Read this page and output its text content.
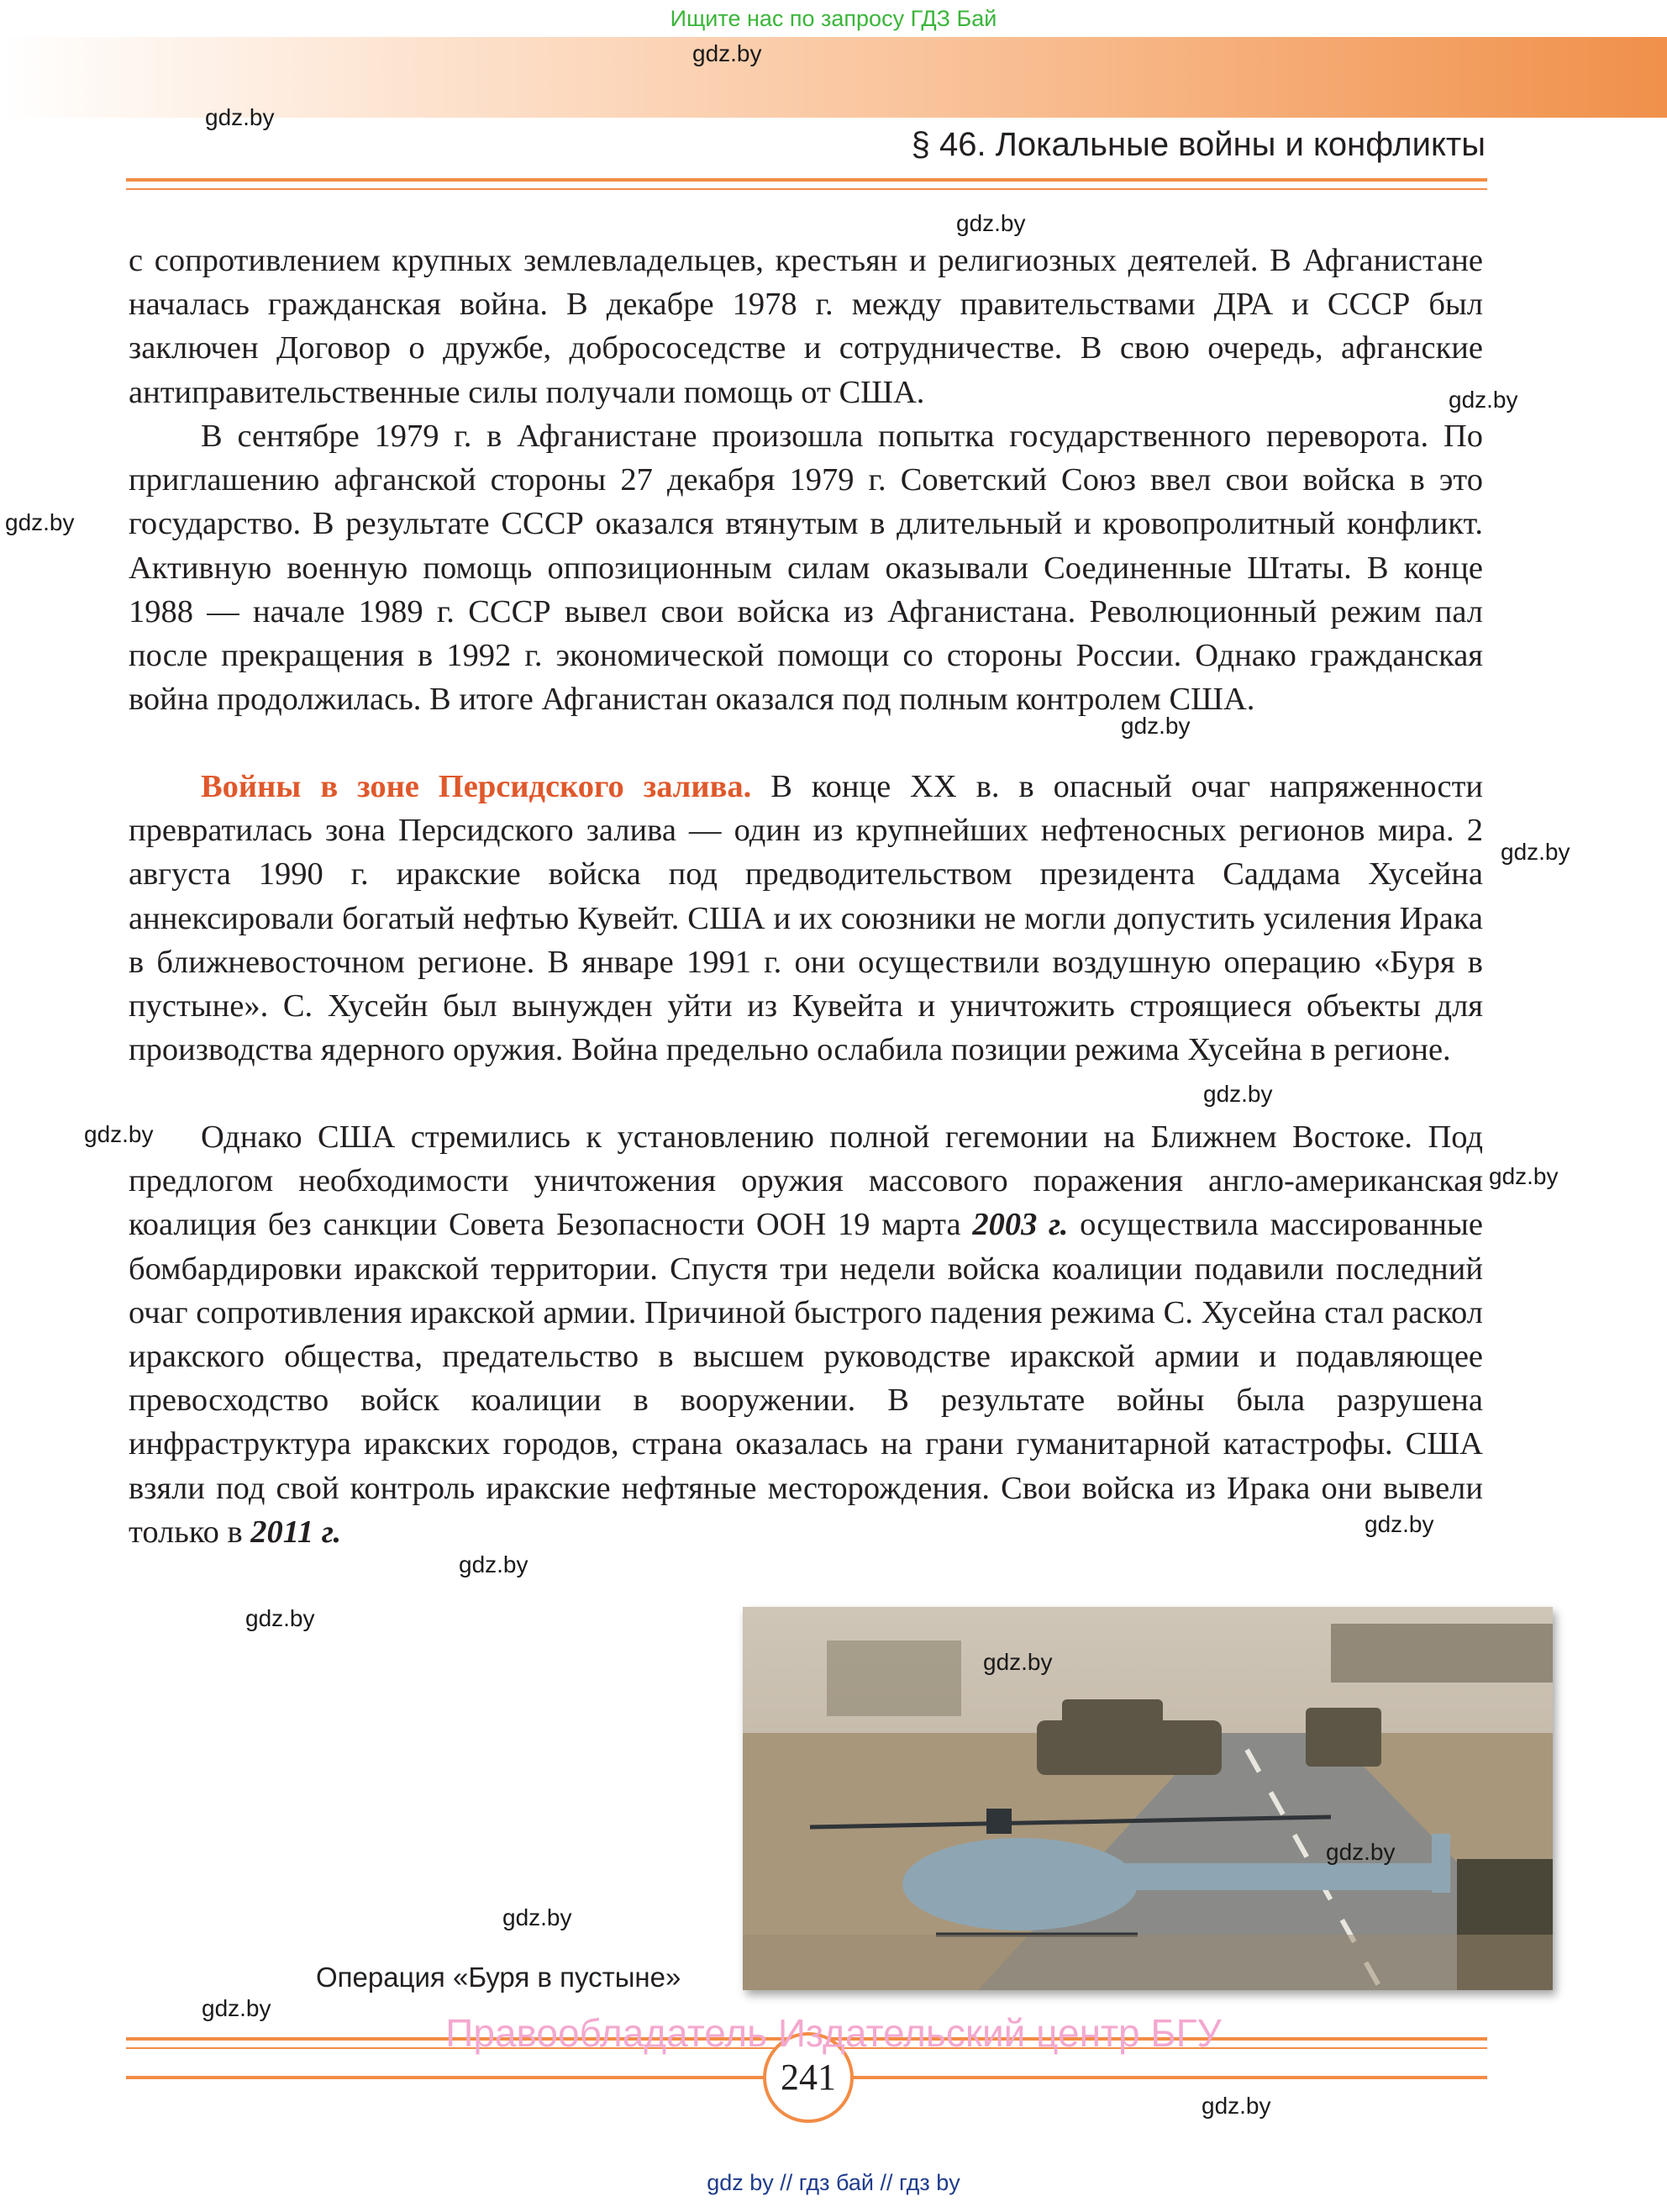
Ищите нас по запросу ГДЗ Бай
§ 46. Локальные войны и конфликты

с сопротивлением крупных землевладельцев, крестьян и религиозных деятелей. В Афганистане началась гражданская война. В декабре 1978 г. между правительствами ДРА и СССР был заключен Договор о дружбе, добрососедстве и сотрудничестве. В свою очередь, афганские антиправительственные силы получали помощь от США.

В сентябре 1979 г. в Афганистане произошла попытка государственного переворота. По приглашению афганской стороны 27 декабря 1979 г. Советский Союз ввел свои войска в это государство. В результате СССР оказался втянутым в длительный и кровопролитный конфликт. Активную военную помощь оппозиционным силам оказывали Соединенные Штаты. В конце 1988 — начале 1989 г. СССР вывел свои войска из Афганистана. Революционный режим пал после прекращения в 1992 г. экономической помощи со стороны России. Однако гражданская война продолжилась. В итоге Афганистан оказался под полным контролем США.

Войны в зоне Персидского залива. В конце ХХ в. в опасный очаг напряженности превратилась зона Персидского залива — один из крупнейших нефтеносных регионов мира. 2 августа 1990 г. иракские войска под предводительством президента Саддама Хусейна аннексировали богатый нефтью Кувейт. США и их союзники не могли допустить усиления Ирака в ближневосточном регионе. В январе 1991 г. они осуществили воздушную операцию «Буря в пустыне». С. Хусейн был вынужден уйти из Кувейта и уничтожить строящиеся объекты для производства ядерного оружия. Война предельно ослабила позиции режима Хусейна в регионе.

Однако США стремились к установлению полной гегемонии на Ближнем Востоке. Под предлогом необходимости уничтожения оружия массового поражения англо-американская коалиция без санкции Совета Безопасности ООН 19 марта 2003 г. осуществила массированные бомбардировки иракской территории. Спустя три недели войска коалиции подавили последний очаг сопротивления иракской армии. Причиной быстрого падения режима С. Хусейна стал раскол иракского общества, предательство в высшем руководстве иракской армии и подавляющее превосходство войск коалиции в вооружении. В результате войны была разрушена инфраструктура иракских городов, страна оказалась на грани гуманитарной катастрофы. США взяли под свой контроль иракские нефтяные месторождения. Свои войска из Ирака они вывели только в 2011 г.

Операция «Буря в пустыне»
241
Правообладатель Издательский центр БГУ
gdz.by
gdz.by
gdz.by
gdz.by
gdz.by
gdz.by
gdz.by
gdz.by
gdz.by
gdz.by
gdz.by
gdz.by
gdz.by
gdz.by
gdz.by
gdz.by
gdz.by
gdz.by
gdz by // гдз бай // гдз by
